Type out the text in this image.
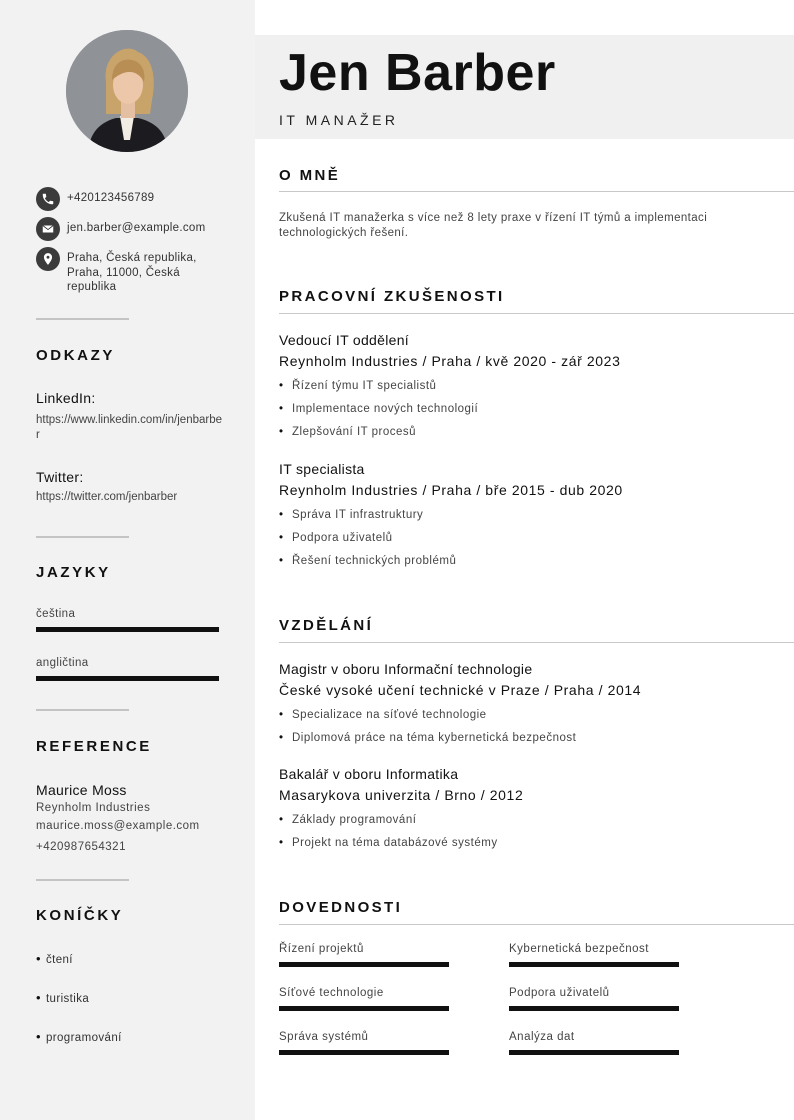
+420123456789
jen.barber@example.com
Praha, Česká republika, Praha, 11000, Česká republika
ODKAZY
LinkedIn:
https://www.linkedin.com/in/jenbarber
Twitter:
https://twitter.com/jenbarber
JAZYKY
čeština
angličtina
REFERENCE
Maurice Moss
Reynholm Industries
maurice.moss@example.com
+420987654321
KONÍČKY
• čtení
• turistika
• programování
Jen Barber
IT MANAŽER
O MNĚ
Zkušená IT manažerka s více než 8 lety praxe v řízení IT týmů a implementaci technologických řešení.
PRACOVNÍ ZKUŠENOSTI
Vedoucí IT oddělení
Reynholm Industries / Praha / kvě 2020 - zář 2023
• Řízení týmu IT specialistů
• Implementace nových technologií
• Zlepšování IT procesů
IT specialista
Reynholm Industries / Praha / bře 2015 - dub 2020
• Správa IT infrastruktury
• Podpora uživatelů
• Řešení technických problémů
VZDĚLÁNÍ
Magistr v oboru Informační technologie
České vysoké učení technické v Praze / Praha / 2014
• Specializace na síťové technologie
• Diplomová práce na téma kybernetická bezpečnost
Bakalář v oboru Informatika
Masarykova univerzita / Brno / 2012
• Základy programování
• Projekt na téma databázové systémy
DOVEDNOSTI
Řízení projektů	Kybernetická bezpečnost
Síťové technologie	Podpora uživatelů
Správa systémů	Analýza dat
